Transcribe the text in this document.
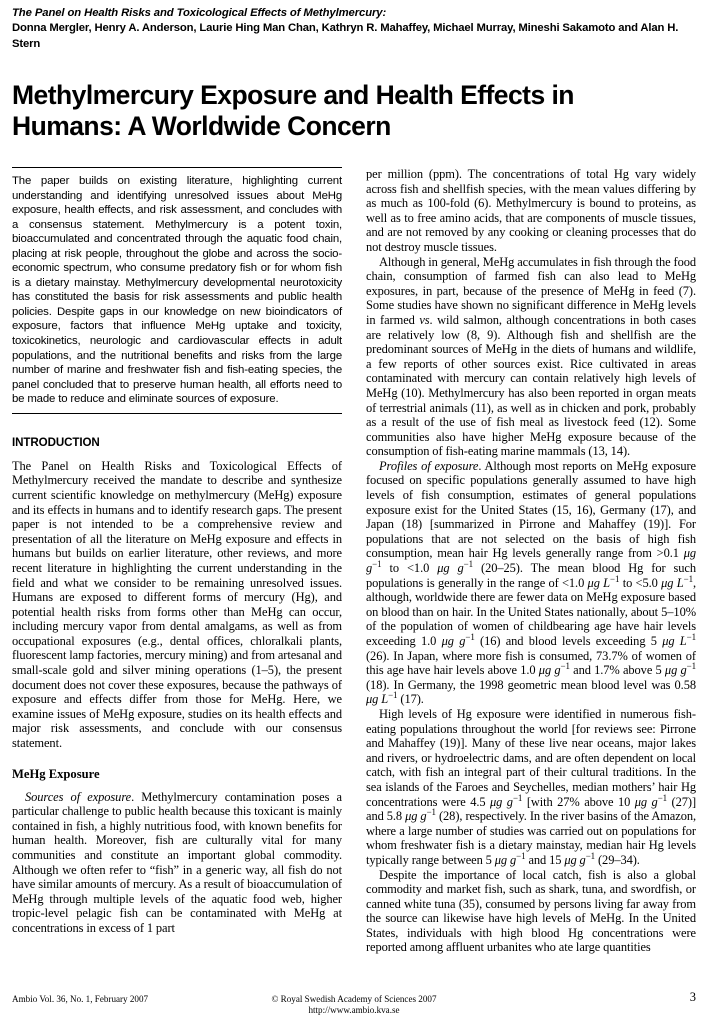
The Panel on Health Risks and Toxicological Effects of Methylmercury:
Donna Mergler, Henry A. Anderson, Laurie Hing Man Chan, Kathryn R. Mahaffey, Michael Murray, Mineshi Sakamoto and Alan H. Stern
Methylmercury Exposure and Health Effects in Humans: A Worldwide Concern

The paper builds on existing literature, highlighting current understanding and identifying unresolved issues about MeHg exposure, health effects, and risk assessment, and concludes with a consensus statement. Methylmercury is a potent toxin, bioaccumulated and concentrated through the aquatic food chain, placing at risk people, throughout the globe and across the socio-economic spectrum, who consume predatory fish or for whom fish is a dietary mainstay. Methylmercury developmental neurotoxicity has constituted the basis for risk assessments and public health policies. Despite gaps in our knowledge on new bioindicators of exposure, factors that influence MeHg uptake and toxicity, toxicokinetics, neurologic and cardiovascular effects in adult populations, and the nutritional benefits and risks from the large number of marine and freshwater fish and fish-eating species, the panel concluded that to preserve human health, all efforts need to be made to reduce and eliminate sources of exposure.

INTRODUCTION

The Panel on Health Risks and Toxicological Effects of Methylmercury received the mandate to describe and synthesize current scientific knowledge on methylmercury (MeHg) exposure and its effects in humans and to identify research gaps. The present paper is not intended to be a comprehensive review and presentation of all the literature on MeHg exposure and effects in humans but builds on earlier literature, other reviews, and more recent literature in highlighting the current understanding in the field and what we consider to be remaining unresolved issues. Humans are exposed to different forms of mercury (Hg), and potential health risks from forms other than MeHg can occur, including mercury vapor from dental amalgams, as well as from occupational exposures (e.g., dental offices, chloralkali plants, fluorescent lamp factories, mercury mining) and from artesanal and small-scale gold and silver mining operations (1–5), the present document does not cover these exposures, because the pathways of exposure and effects differ from those for MeHg. Here, we examine issues of MeHg exposure, studies on its health effects and major risk assessments, and conclude with our consensus statement.

MeHg Exposure

Sources of exposure. Methylmercury contamination poses a particular challenge to public health because this toxicant is mainly contained in fish, a highly nutritious food, with known benefits for human health. Moreover, fish are culturally vital for many communities and constitute an important global commodity. Although we often refer to “fish” in a generic way, all fish do not have similar amounts of mercury. As a result of bioaccumulation of MeHg through multiple levels of the aquatic food web, higher tropic-level pelagic fish can be contaminated with MeHg at concentrations in excess of 1 part

per million (ppm). The concentrations of total Hg vary widely across fish and shellfish species, with the mean values differing by as much as 100-fold (6). Methylmercury is bound to proteins, as well as to free amino acids, that are components of muscle tissues, and are not removed by any cooking or cleaning processes that do not destroy muscle tissues.

Although in general, MeHg accumulates in fish through the food chain, consumption of farmed fish can also lead to MeHg exposures, in part, because of the presence of MeHg in feed (7). Some studies have shown no significant difference in MeHg levels in farmed vs. wild salmon, although concentrations in both cases are relatively low (8, 9). Although fish and shellfish are the predominant sources of MeHg in the diets of humans and wildlife, a few reports of other sources exist. Rice cultivated in areas contaminated with mercury can contain relatively high levels of MeHg (10). Methylmercury has also been reported in organ meats of terrestrial animals (11), as well as in chicken and pork, probably as a result of the use of fish meal as livestock feed (12). Some communities also have higher MeHg exposure because of the consumption of fish-eating marine mammals (13, 14).

Profiles of exposure. Although most reports on MeHg exposure focused on specific populations generally assumed to have high levels of fish consumption, estimates of general populations exposure exist for the United States (15, 16), Germany (17), and Japan (18) [summarized in Pirrone and Mahaffey (19)]. For populations that are not selected on the basis of high fish consumption, mean hair Hg levels generally range from >0.1 μg $g^{-1}$ to <1.0 μg $g^{-1}$ (20–25). The mean blood Hg for such populations is generally in the range of <1.0 μg $L^{-1}$ to <5.0 μg $L^{-1}$, although, worldwide there are fewer data on MeHg exposure based on blood than on hair. In the United States nationally, about 5–10% of the population of women of childbearing age have hair levels exceeding 1.0 μg $g^{-1}$ (16) and blood levels exceeding 5 μg $L^{-1}$ (26). In Japan, where more fish is consumed, 73.7% of women of this age have hair levels above 1.0 μg $g^{-1}$ and 1.7% above 5 μg $g^{-1}$ (18). In Germany, the 1998 geometric mean blood level was 0.58 μg $L^{-1}$ (17).

High levels of Hg exposure were identified in numerous fish-eating populations throughout the world [for reviews see: Pirrone and Mahaffey (19)]. Many of these live near oceans, major lakes and rivers, or hydroelectric dams, and are often dependent on local catch, with fish an integral part of their cultural traditions. In the sea islands of the Faroes and Seychelles, median mothers’ hair Hg concentrations were 4.5 μg $g^{-1}$ [with 27% above 10 μg $g^{-1}$ (27)] and 5.8 μg $g^{-1}$ (28), respectively. In the river basins of the Amazon, where a large number of studies was carried out on populations for whom freshwater fish is a dietary mainstay, median hair Hg levels typically range between 5 μg $g^{-1}$ and 15 μg $g^{-1}$ (29–34).

Despite the importance of local catch, fish is also a global commodity and market fish, such as shark, tuna, and swordfish, or canned white tuna (35), consumed by persons living far away from the source can likewise have high levels of MeHg. In the United States, individuals with high blood Hg concentrations were reported among affluent urbanites who ate large quantities

Ambio Vol. 36, No. 1, February 2007	© Royal Swedish Academy of Sciences 2007
http://www.ambio.kva.se
3
